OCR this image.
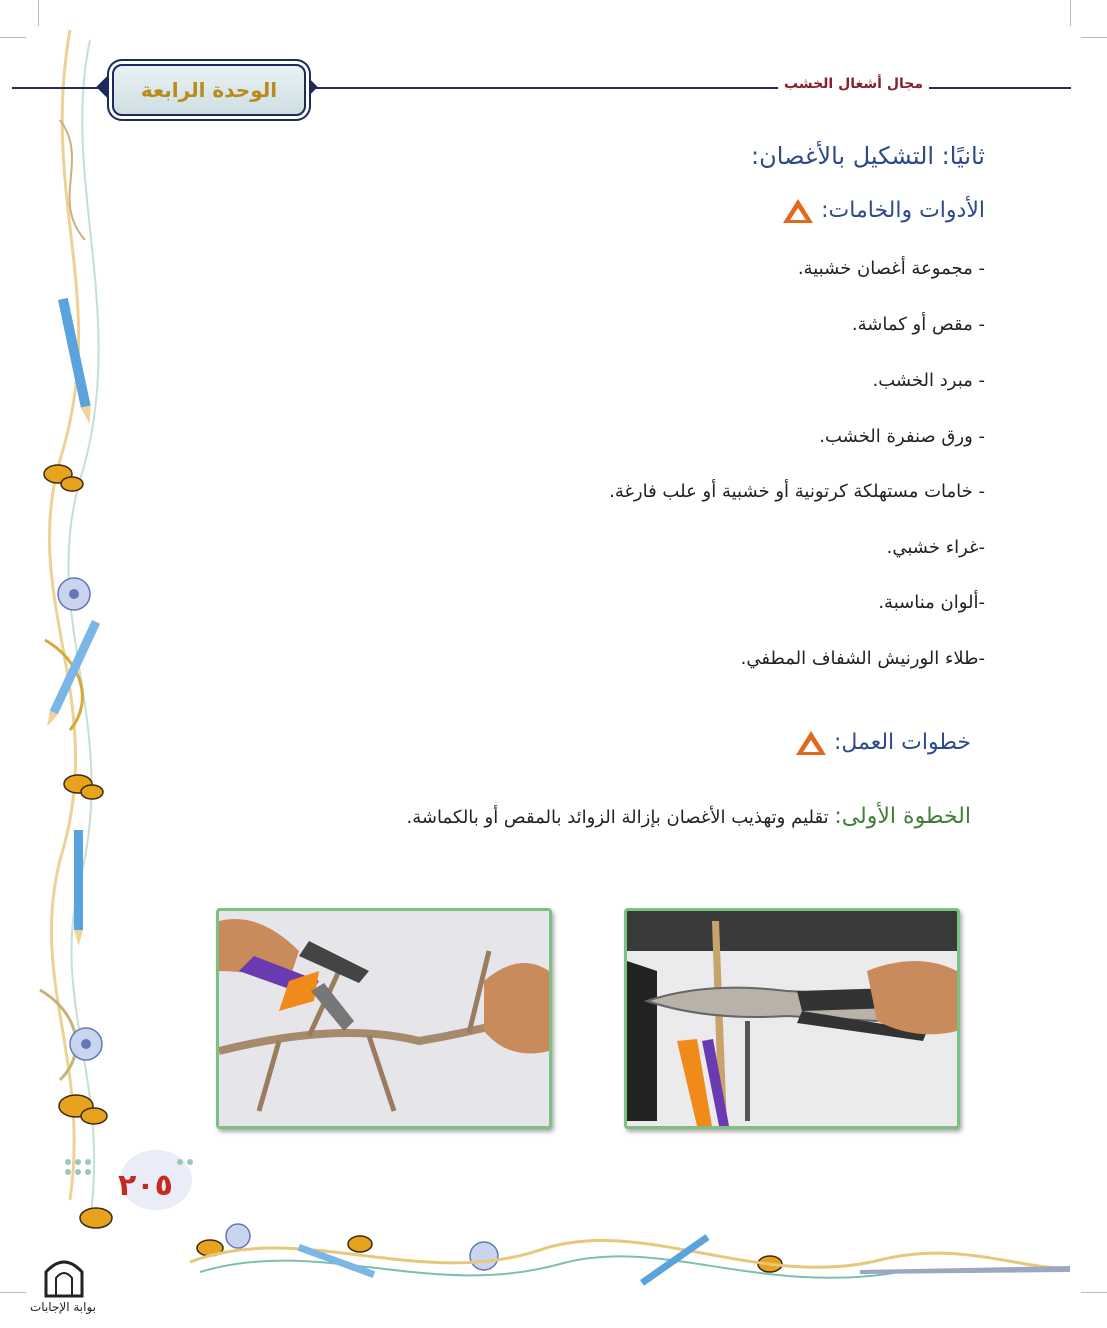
الوحدة الرابعة	مجال أشغال الخشب
ثانيًا: التشكيل بالأغصان:
الأدوات والخامات:
- مجموعة أغصان خشبية.
- مقص أو كماشة.
- مبرد الخشب.
- ورق صنفرة الخشب.
- خامات مستهلكة كرتونية أو خشبية أو علب فارغة.
-غراء خشبي.
-ألوان مناسبة.
-طلاء الورنيش الشفاف المطفي.
خطوات العمل:
الخطوة الأولى: تقليم وتهذيب الأغصان بإزالة الزوائد بالمقص أو بالكماشة.
٢٠٥
بوابة الإجابات
